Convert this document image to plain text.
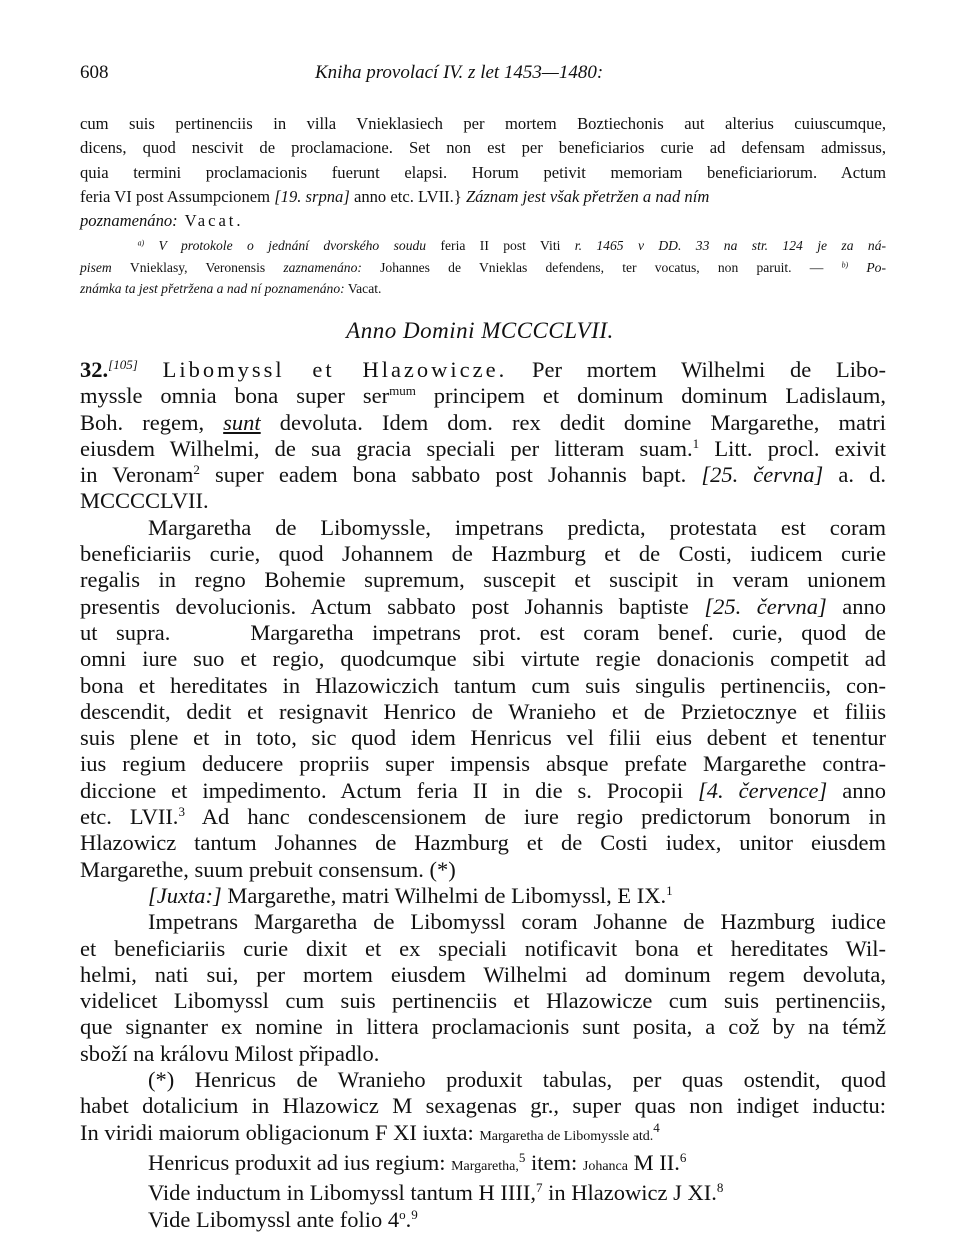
608	Kniha provolací IV. z let 1453—1480:
cum suis pertinenciis in villa Vnieklasiech per mortem Boztiechonis aut alterius cuiuscumque,
dicens, quod nescivit de proclamacione. Set non est per beneficiarios curie ad defensam admissus,
quia termini proclamacionis fuerunt elapsi. Horum petivit memoriam beneficiariorum. Actum
feria VI post Assumpcionem [19. srpna] anno etc. LVII.} Záznam jest však přetržen a nad ním
poznamenáno: Vacat.
$^{a)}$ V protokole o jednání dvorského soudu feria II post Viti r. 1465 v DD. 33 na str. 124 je za ná-
pisem Vnieklasy, Veronensis zaznamenáno: Johannes de Vnieklas defendens, ter vocatus, non paruit. — $^{b)}$ Po-
známka ta jest přetržena a nad ní poznamenáno: Vacat.
Anno Domini MCCCCLVII.
32.[105] Libomyssl et Hlazowicze. Per mortem Wilhelmi de Libo-
mysslе omnia bona super ser$^{mum}$ principem et dominum dominum Ladislaum,
Boh. regem, sunt devoluta. Idem dom. rex dedit domine Margarethe, matri
eiusdem Wilhelmi, de sua gracia speciali per litteram suam.$^1$ Litt. procl. exivit
in Veronam$^2$ super eadem bona sabbato post Johannis bapt. [25. června] a. d.
MCCCCLVII.
Margaretha de Libomyssle, impetrans predicta, protestata est coram
beneficiariis curie, quod Johannem de Hazmburg et de Costi, iudicem curie
regalis in regno Bohemie supremum, suscepit et suscipit in veram unionem
presentis devolucionis. Actum sabbato post Johannis baptiste [25. června] anno
ut supra.	Margaretha impetrans prot. est coram benef. curie, quod de
omni iure suo et regio, quodcumque sibi virtute regie donacionis competit ad
bona et hereditates in Hlazowiczich tantum cum suis singulis pertinenciis, con-
descendit, dedit et resignavit Henrico de Wranieho et de Przietocznye et filiis
suis plene et in toto, sic quod idem Henricus vel filii eius debent et tenentur
ius regium deducere propriis super impensis absque prefate Margarethe contra-
diccione et impedimento. Actum feria II in die s. Procopii [4. července] anno
etc. LVII.$^3$ Ad hanc condescensionem de iure regio predictorum bonorum in
Hlazowicz tantum Johannes de Hazmburg et de Costi iudex, unitor eiusdem
Margarethe, suum prebuit consensum. (*)
[Juxta:] Margarethe, matri Wilhelmi de Libomyssl, E IX.$^1$
Impetrans Margaretha de Libomyssl coram Johanne de Hazmburg iudice
et beneficiariis curie dixit et ex speciali notificavit bona et hereditates Wil-
helmi, nati sui, per mortem eiusdem Wilhelmi ad dominum regem devoluta,
videlicet Libomyssl cum suis pertinenciis et Hlazowicze cum suis pertinenciis,
que signanter ex nomine in littera proclamacionis sunt posita, a což by na témž
sboží na královu Milost připadlo.
(*) Henricus de Wranieho produxit tabulas, per quas ostendit, quod
habet dotalicium in Hlazowicz M sexagenas gr., super quas non indiget inductu:
In viridi maiorum obligacionum F XI iuxta: Margaretha de Libomyssle atd.$^4$
Henricus produxit ad ius regium: Margaretha,$^5$ item: Johanca M II.$^6$
Vide inductum in Libomyssl tantum H IIII,$^7$ in Hlazowicz J XI.$^8$
Vide Libomyssl ante folio 4$^o$.$^9$
